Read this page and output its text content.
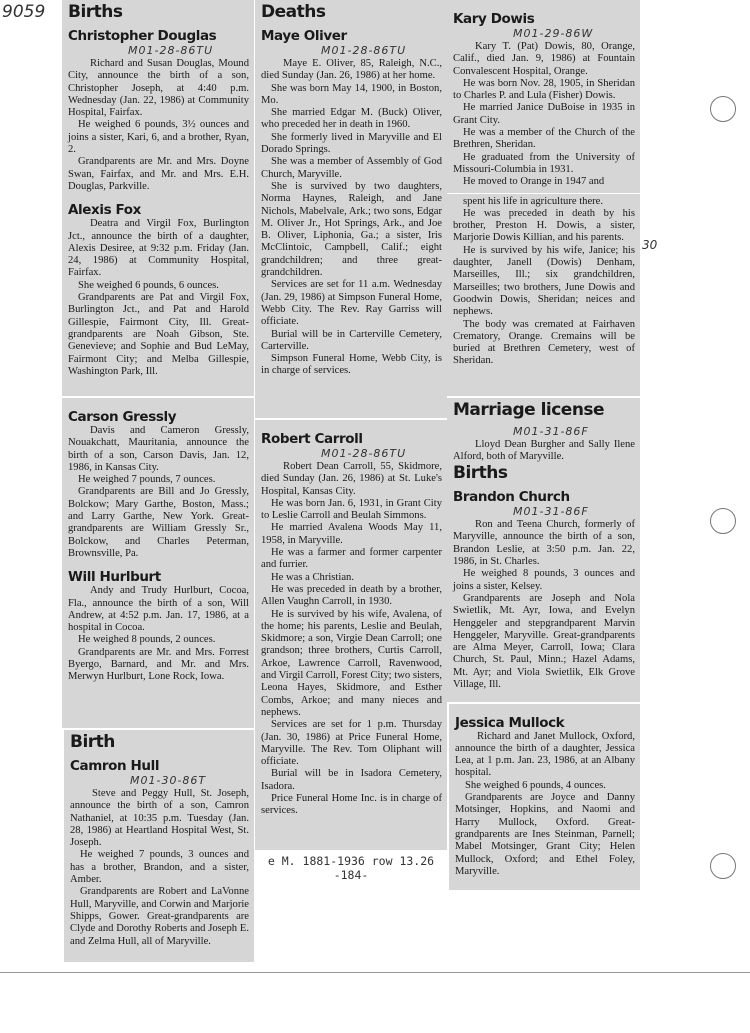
9059
30
Births
Christopher Douglas
M01-28-86TU

Richard and Susan Douglas, Mound City, announce the birth of a son, Christopher Joseph, at 4:40 p.m. Wednesday (Jan. 22, 1986) at Community Hospital, Fairfax.

He weighed 6 pounds, 3½ ounces and joins a sister, Kari, 6, and a brother, Ryan, 2.

Grandparents are Mr. and Mrs. Doyne Swan, Fairfax, and Mr. and Mrs. E.H. Douglas, Parkville.

Alexis Fox

Deatra and Virgil Fox, Burlington Jct., announce the birth of a daughter, Alexis Desiree, at 9:32 p.m. Friday (Jan. 24, 1986) at Community Hospital, Fairfax.

She weighed 6 pounds, 6 ounces.

Grandparents are Pat and Virgil Fox, Burlington Jct., and Pat and Harold Gillespie, Fairmont City, Ill. Great-grandparents are Noah Gibson, Ste. Genevieve; and Sophie and Bud LeMay, Fairmont City; and Melba Gillespie, Washington Park, Ill.

Carson Gressly

Davis and Cameron Gressly, Nouakchatt, Mauritania, announce the birth of a son, Carson Davis, Jan. 12, 1986, in Kansas City.

He weighed 7 pounds, 7 ounces.

Grandparents are Bill and Jo Gressly, Bolckow; Mary Garthe, Boston, Mass.; and Larry Garthe, New York. Great-grandparents are William Gressly Sr., Bolckow, and Charles Peterman, Brownsville, Pa.

Will Hurlburt

Andy and Trudy Hurlburt, Cocoa, Fla., announce the birth of a son, Will Andrew, at 4:52 p.m. Jan. 17, 1986, at a hospital in Cocoa.

He weighed 8 pounds, 2 ounces.

Grandparents are Mr. and Mrs. Forrest Byergo, Barnard, and Mr. and Mrs. Merwyn Hurlburt, Lone Rock, Iowa.

Birth
Camron Hull
M01-30-86T

Steve and Peggy Hull, St. Joseph, announce the birth of a son, Camron Nathaniel, at 10:35 p.m. Tuesday (Jan. 28, 1986) at Heartland Hospital West, St. Joseph.

He weighed 7 pounds, 3 ounces and has a brother, Brandon, and a sister, Amber.

Grandparents are Robert and LaVonne Hull, Maryville, and Corwin and Marjorie Shipps, Gower. Great-grandparents are Clyde and Dorothy Roberts and Joseph E. and Zelma Hull, all of Maryville.

Deaths
Maye Oliver
M01-28-86TU

Maye E. Oliver, 85, Raleigh, N.C., died Sunday (Jan. 26, 1986) at her home.

She was born May 14, 1900, in Boston, Mo.

She married Edgar M. (Buck) Oliver, who preceded her in death in 1960.

She formerly lived in Maryville and El Dorado Springs.

She was a member of Assembly of God Church, Maryville.

She is survived by two daughters, Norma Haynes, Raleigh, and Jane Nichols, Mabelvale, Ark.; two sons, Edgar M. Oliver Jr., Hot Springs, Ark., and Joe B. Oliver, Liphonia, Ga.; a sister, Iris McClintoic, Campbell, Calif.; eight grandchildren; and three great-grandchildren.

Services are set for 11 a.m. Wednesday (Jan. 29, 1986) at Simpson Funeral Home, Webb City. The Rev. Ray Garriss will officiate.

Burial will be in Carterville Cemetery, Carterville.

Simpson Funeral Home, Webb City, is in charge of services.

Robert Carroll
M01-28-86TU

Robert Dean Carroll, 55, Skidmore, died Sunday (Jan. 26, 1986) at St. Luke's Hospital, Kansas City.

He was born Jan. 6, 1931, in Grant City to Leslie Carroll and Beulah Simmons.

He married Avalena Woods May 11, 1958, in Maryville.

He was a farmer and former carpenter and furrier.

He was a Christian.

He was preceded in death by a brother, Allen Vaughn Carroll, in 1930.

He is survived by his wife, Avalena, of the home; his parents, Leslie and Beulah, Skidmore; a son, Virgie Dean Carroll; one grandson; three brothers, Curtis Carroll, Arkoe, Lawrence Carroll, Ravenwood, and Virgil Carroll, Forest City; two sisters, Leona Hayes, Skidmore, and Esther Combs, Arkoe; and many nieces and nephews.

Services are set for 1 p.m. Thursday (Jan. 30, 1986) at Price Funeral Home, Maryville. The Rev. Tom Oliphant will officiate.

Burial will be in Isadora Cemetery, Isadora.

Price Funeral Home Inc. is in charge of services.

e M. 1881-1936 row 13.26
-184-
Kary Dowis
M01-29-86W

Kary T. (Pat) Dowis, 80, Orange, Calif., died Jan. 9, 1986) at Fountain Convalescent Hospital, Orange.

He was born Nov. 28, 1905, in Sheridan to Charles P. and Lula (Fisher) Dowis.

He married Janice DuBoise in 1935 in Grant City.

He was a member of the Church of the Brethren, Sheridan.

He graduated from the University of Missouri-Columbia in 1931.

He moved to Orange in 1947 and

spent his life in agriculture there.

He was preceded in death by his brother, Preston H. Dowis, a sister, Marjorie Dowis Killian, and his parents.

He is survived by his wife, Janice; his daughter, Janell (Dowis) Denham, Marseilles, Ill.; six grandchildren, Marseilles; two brothers, June Dowis and Goodwin Dowis, Sheridan; neices and nephews.

The body was cremated at Fairhaven Crematory, Orange. Cremains will be buried at Brethren Cemetery, west of Sheridan.

Marriage license
M01-31-86F

Lloyd Dean Burgher and Sally Ilene Alford, both of Maryville.

Births
Brandon Church
M01-31-86F

Ron and Teena Church, formerly of Maryville, announce the birth of a son, Brandon Leslie, at 3:50 p.m. Jan. 22, 1986, in St. Charles.

He weighed 8 pounds, 3 ounces and joins a sister, Kelsey.

Grandparents are Joseph and Nola Swietlik, Mt. Ayr, Iowa, and Evelyn Henggeler and stepgrandparent Marvin Henggeler, Maryville. Great-grandparents are Alma Meyer, Carroll, Iowa; Clara Church, St. Paul, Minn.; Hazel Adams, Mt. Ayr; and Viola Swietlik, Elk Grove Village, Ill.

Jessica Mullock

Richard and Janet Mullock, Oxford, announce the birth of a daughter, Jessica Lea, at 1 p.m. Jan. 23, 1986, at an Albany hospital.

She weighed 6 pounds, 4 ounces.

Grandparents are Joyce and Danny Motsinger, Hopkins, and Naomi and Harry Mullock, Oxford. Great-grandparents are Ines Steinman, Parnell; Mabel Motsinger, Grant City; Helen Mullock, Oxford; and Ethel Foley, Maryville.
